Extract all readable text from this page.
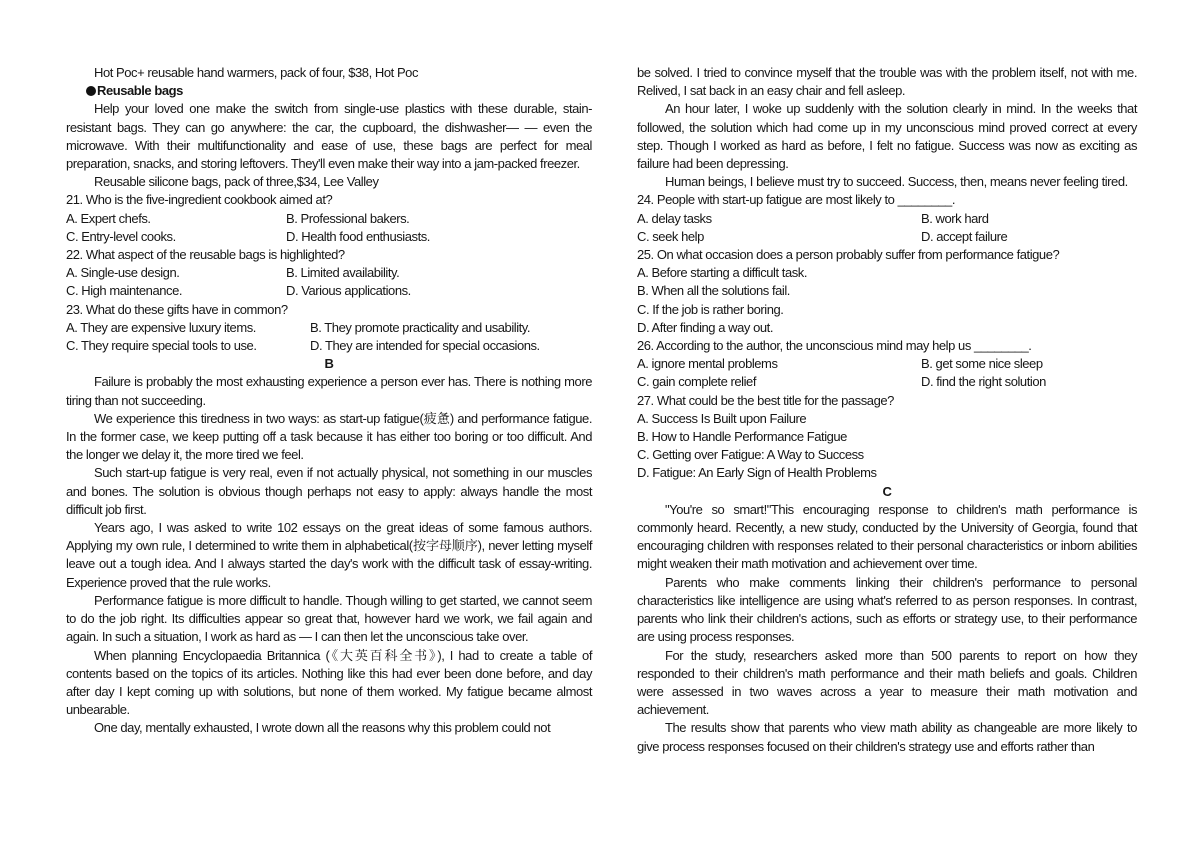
Hot Poc+ reusable hand warmers, pack of four, $38, Hot Poc

Reusable bags

Help your loved one make the switch from single-use plastics with these durable, stain-resistant bags. They can go anywhere: the car, the cupboard, the dishwasher— — even the microwave. With their multifunctionality and ease of use, these bags are perfect for meal preparation, snacks, and storing leftovers. They'll even make their way into a jam-packed freezer.

Reusable silicone bags, pack of three,$34, Lee Valley

21. Who is the five-ingredient cookbook aimed at?

A. Expert chefs.	B. Professional bakers.
C. Entry-level cooks.	D. Health food enthusiasts.

22. What aspect of the reusable bags is highlighted?

A. Single-use design.	B. Limited availability.
C. High maintenance.	D. Various applications.

23. What do these gifts have in common?

A. They are expensive luxury items.	B. They promote practicality and usability.
C. They require special tools to use.	D. They are intended for special occasions.

B

Failure is probably the most exhausting experience a person ever has. There is nothing more tiring than not succeeding.

We experience this tiredness in two ways: as start-up fatigue(疲惫) and performance fatigue. In the former case, we keep putting off a task because it has either too boring or too difficult. And the longer we delay it, the more tired we feel.

Such start-up fatigue is very real, even if not actually physical, not something in our muscles and bones. The solution is obvious though perhaps not easy to apply: always handle the most difficult job first.

Years ago, I was asked to write 102 essays on the great ideas of some famous authors. Applying my own rule, I determined to write them in alphabetical(按字母顺序), never letting myself leave out a tough idea. And I always started the day's work with the difficult task of essay-writing. Experience proved that the rule works.

Performance fatigue is more difficult to handle. Though willing to get started, we cannot seem to do the job right. Its difficulties appear so great that, however hard we work, we fail again and again. In such a situation, I work as hard as — I can then let the unconscious take over.

When planning Encyclopaedia Britannica (《大英百科全书》), I had to create a table of contents based on the topics of its articles. Nothing like this had ever been done before, and day after day I kept coming up with solutions, but none of them worked. My fatigue became almost unbearable.

One day, mentally exhausted, I wrote down all the reasons why this problem could not

be solved. I tried to convince myself that the trouble was with the problem itself, not with me. Relived, I sat back in an easy chair and fell asleep.

An hour later, I woke up suddenly with the solution clearly in mind. In the weeks that followed, the solution which had come up in my unconscious mind proved correct at every step. Though I worked as hard as before, I felt no fatigue. Success was now as exciting as failure had been depressing.

Human beings, I believe must try to succeed. Success, then, means never feeling tired.

24. People with start-up fatigue are most likely to ________.

A. delay tasks	B. work hard
C. seek help	D. accept failure

25. On what occasion does a person probably suffer from performance fatigue?

A. Before starting a difficult task.

B. When all the solutions fail.

C. If the job is rather boring.

D. After finding a way out.

26. According to the author, the unconscious mind may help us ________.

A. ignore mental problems	B. get some nice sleep
C. gain complete relief	D. find the right solution

27. What could be the best title for the passage?

A. Success Is Built upon Failure

B. How to Handle Performance Fatigue

C. Getting over Fatigue: A Way to Success

D. Fatigue: An Early Sign of Health Problems

C

"You're so smart!"This encouraging response to children's math performance is commonly heard. Recently, a new study, conducted by the University of Georgia, found that encouraging children with responses related to their personal characteristics or inborn abilities might weaken their math motivation and achievement over time.

Parents who make comments linking their children's performance to personal characteristics like intelligence are using what's referred to as person responses. In contrast, parents who link their children's actions, such as efforts or strategy use, to their performance are using process responses.

For the study, researchers asked more than 500 parents to report on how they responded to their children's math performance and their math beliefs and goals. Children were assessed in two waves across a year to measure their math motivation and achievement.

The results show that parents who view math ability as changeable are more likely to give process responses focused on their children's strategy use and efforts rather than
